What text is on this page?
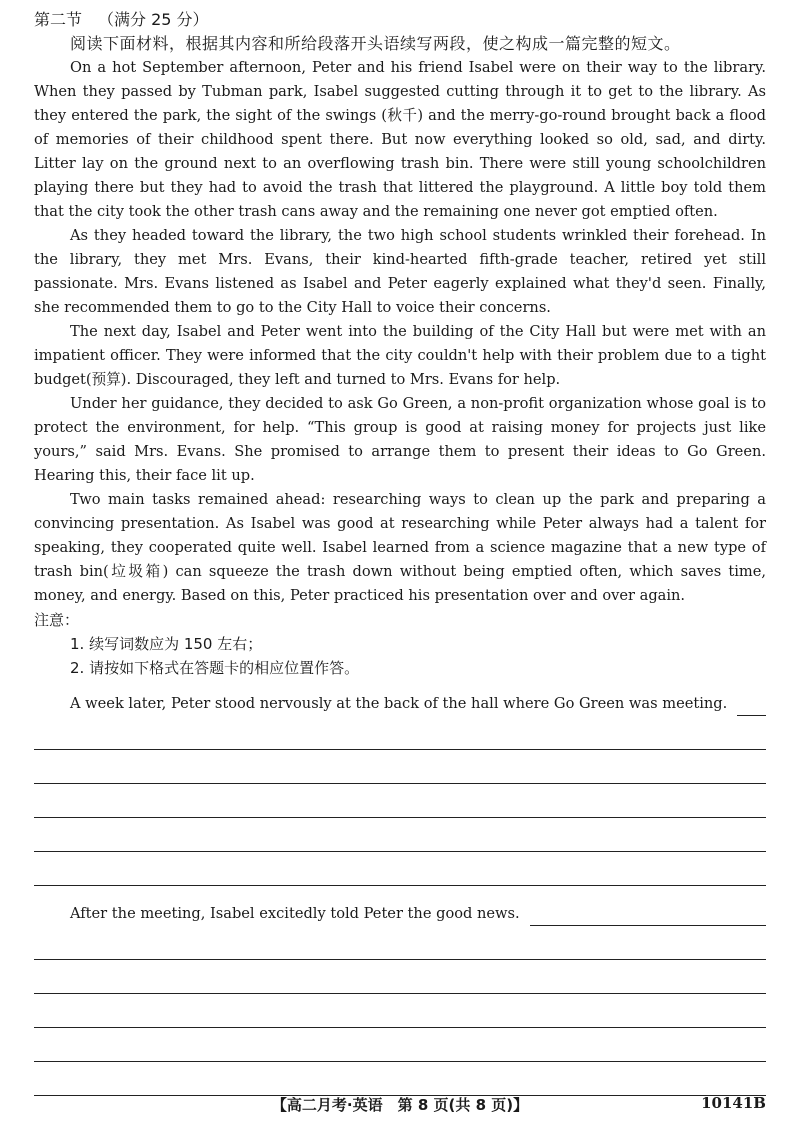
第二节 （满分 25 分）

阅读下面材料，根据其内容和所给段落开头语续写两段，使之构成一篇完整的短文。

On a hot September afternoon, Peter and his friend Isabel were on their way to the library. When they passed by Tubman park, Isabel suggested cutting through it to get to the library. As they entered the park, the sight of the swings (秋千) and the merry-go-round brought back a flood of memories of their childhood spent there. But now everything looked so old, sad, and dirty. Litter lay on the ground next to an overflowing trash bin. There were still young schoolchildren playing there but they had to avoid the trash that littered the playground. A little boy told them that the city took the other trash cans away and the remaining one never got emptied often.

As they headed toward the library, the two high school students wrinkled their forehead. In the library, they met Mrs. Evans, their kind-hearted fifth-grade teacher, retired yet still passionate. Mrs. Evans listened as Isabel and Peter eagerly explained what they'd seen. Finally, she recommended them to go to the City Hall to voice their concerns.

The next day, Isabel and Peter went into the building of the City Hall but were met with an impatient officer. They were informed that the city couldn't help with their problem due to a tight budget(预算). Discouraged, they left and turned to Mrs. Evans for help.

Under her guidance, they decided to ask Go Green, a non-profit organization whose goal is to protect the environment, for help. “This group is good at raising money for projects just like yours,” said Mrs. Evans. She promised to arrange them to present their ideas to Go Green. Hearing this, their face lit up.

Two main tasks remained ahead: researching ways to clean up the park and preparing a convincing presentation. As Isabel was good at researching while Peter always had a talent for speaking, they cooperated quite well. Isabel learned from a science magazine that a new type of trash bin(垃圾箱) can squeeze the trash down without being emptied often, which saves time, money, and energy. Based on this, Peter practiced his presentation over and over again.

注意：

1. 续写词数应为 150 左右；

2. 请按如下格式在答题卡的相应位置作答。

A week later, Peter stood nervously at the back of the hall where Go Green was meeting.
After the meeting, Isabel excitedly told Peter the good news.
【高二月考·英语　第 8 页(共 8 页)】	10141B
